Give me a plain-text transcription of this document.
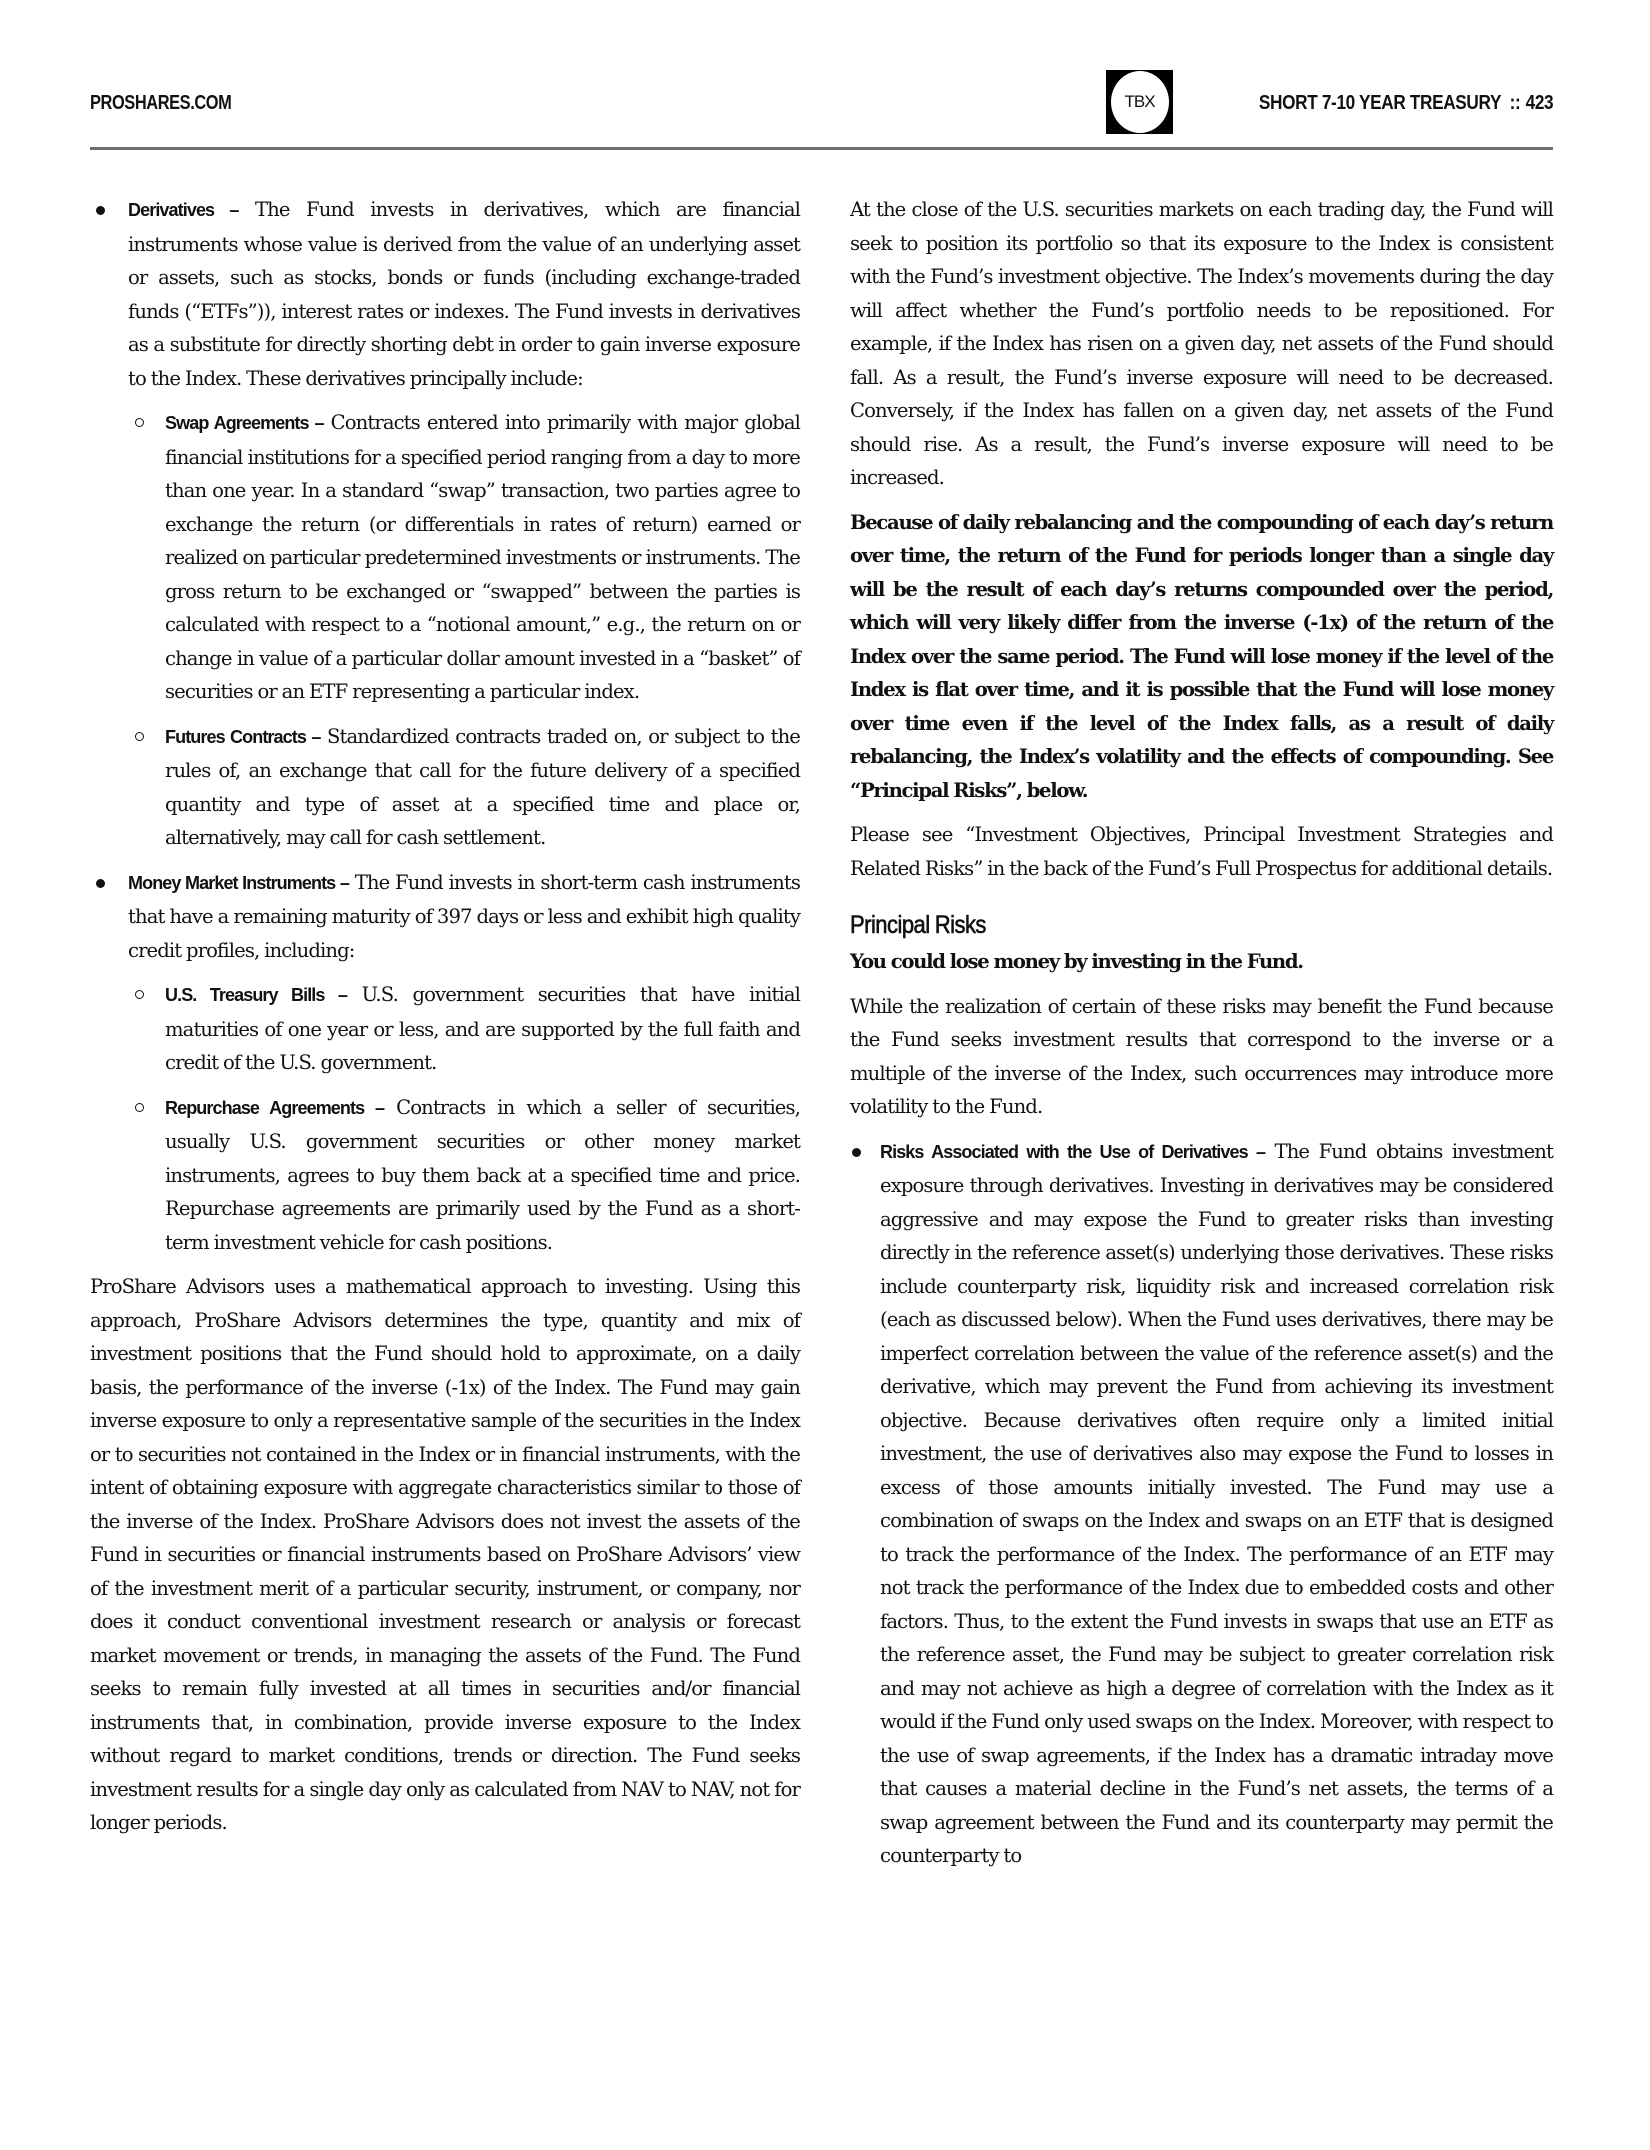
PROSHARES.COM	TBX	SHORT 7-10 YEAR TREASURY :: 423
Derivatives – The Fund invests in derivatives, which are financial instruments whose value is derived from the value of an underlying asset or assets, such as stocks, bonds or funds (including exchange-traded funds (“ETFs”)), interest rates or indexes. The Fund invests in derivatives as a substitute for directly shorting debt in order to gain inverse exposure to the Index. These derivatives principally include:
Swap Agreements – Contracts entered into primarily with major global financial institutions for a specified period ranging from a day to more than one year. In a standard “swap” transaction, two parties agree to exchange the return (or differentials in rates of return) earned or realized on particular predetermined investments or instruments. The gross return to be exchanged or “swapped” between the parties is calculated with respect to a “notional amount,” e.g., the return on or change in value of a particular dollar amount invested in a “basket” of securities or an ETF representing a particular index.
Futures Contracts – Standardized contracts traded on, or subject to the rules of, an exchange that call for the future delivery of a specified quantity and type of asset at a specified time and place or, alternatively, may call for cash settlement.
Money Market Instruments – The Fund invests in short-term cash instruments that have a remaining maturity of 397 days or less and exhibit high quality credit profiles, including:
U.S. Treasury Bills – U.S. government securities that have initial maturities of one year or less, and are supported by the full faith and credit of the U.S. government.
Repurchase Agreements – Contracts in which a seller of securities, usually U.S. government securities or other money market instruments, agrees to buy them back at a specified time and price. Repurchase agreements are primarily used by the Fund as a short-term investment vehicle for cash positions.

ProShare Advisors uses a mathematical approach to investing. Using this approach, ProShare Advisors determines the type, quantity and mix of investment positions that the Fund should hold to approximate, on a daily basis, the performance of the inverse (-1x) of the Index. The Fund may gain inverse exposure to only a representative sample of the securities in the Index or to securities not contained in the Index or in financial instruments, with the intent of obtaining exposure with aggregate characteristics similar to those of the inverse of the Index. ProShare Advisors does not invest the assets of the Fund in securities or financial instruments based on ProShare Advisors’ view of the investment merit of a particular security, instrument, or company, nor does it conduct conventional investment research or analysis or forecast market movement or trends, in managing the assets of the Fund. The Fund seeks to remain fully invested at all times in securities and/or financial instruments that, in combination, provide inverse exposure to the Index without regard to market conditions, trends or direction. The Fund seeks investment results for a single day only as calculated from NAV to NAV, not for longer periods.

At the close of the U.S. securities markets on each trading day, the Fund will seek to position its portfolio so that its exposure to the Index is consistent with the Fund’s investment objective. The Index’s movements during the day will affect whether the Fund’s portfolio needs to be repositioned. For example, if the Index has risen on a given day, net assets of the Fund should fall. As a result, the Fund’s inverse exposure will need to be decreased. Conversely, if the Index has fallen on a given day, net assets of the Fund should rise. As a result, the Fund’s inverse exposure will need to be increased.

Because of daily rebalancing and the compounding of each day’s return over time, the return of the Fund for periods longer than a single day will be the result of each day’s returns compounded over the period, which will very likely differ from the inverse (-1x) of the return of the Index over the same period. The Fund will lose money if the level of the Index is flat over time, and it is possible that the Fund will lose money over time even if the level of the Index falls, as a result of daily rebalancing, the Index’s volatility and the effects of compounding. See “Principal Risks”, below.

Please see “Investment Objectives, Principal Investment Strategies and Related Risks” in the back of the Fund’s Full Prospectus for additional details.

Principal Risks
You could lose money by investing in the Fund.

While the realization of certain of these risks may benefit the Fund because the Fund seeks investment results that correspond to the inverse or a multiple of the inverse of the Index, such occurrences may introduce more volatility to the Fund.

Risks Associated with the Use of Derivatives – The Fund obtains investment exposure through derivatives. Investing in derivatives may be considered aggressive and may expose the Fund to greater risks than investing directly in the reference asset(s) underlying those derivatives. These risks include counterparty risk, liquidity risk and increased correlation risk (each as discussed below). When the Fund uses derivatives, there may be imperfect correlation between the value of the reference asset(s) and the derivative, which may prevent the Fund from achieving its investment objective. Because derivatives often require only a limited initial investment, the use of derivatives also may expose the Fund to losses in excess of those amounts initially invested. The Fund may use a combination of swaps on the Index and swaps on an ETF that is designed to track the performance of the Index. The performance of an ETF may not track the performance of the Index due to embedded costs and other factors. Thus, to the extent the Fund invests in swaps that use an ETF as the reference asset, the Fund may be subject to greater correlation risk and may not achieve as high a degree of correlation with the Index as it would if the Fund only used swaps on the Index. Moreover, with respect to the use of swap agreements, if the Index has a dramatic intraday move that causes a material decline in the Fund’s net assets, the terms of a swap agreement between the Fund and its counterparty may permit the counterparty to
